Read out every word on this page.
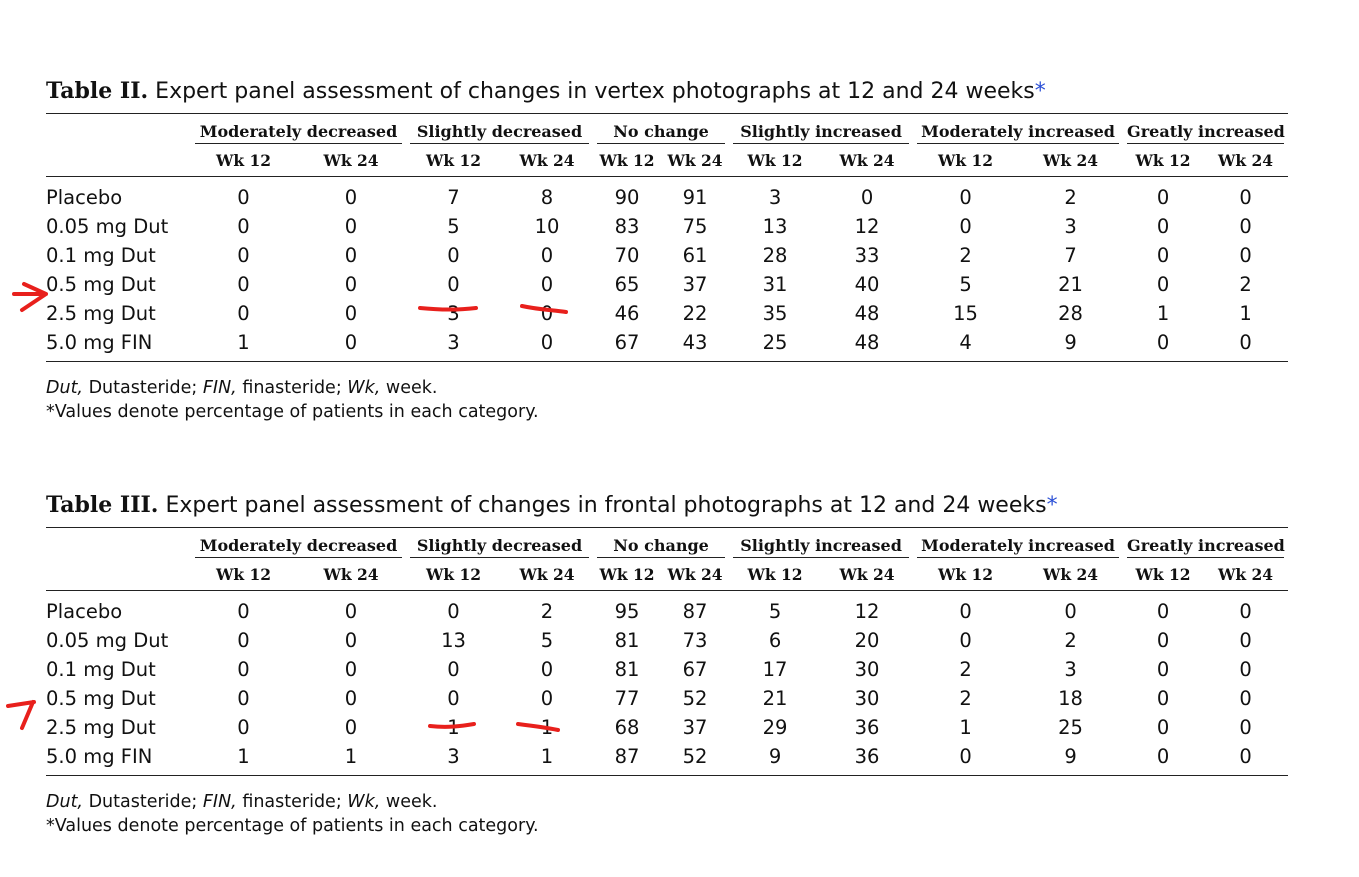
Table II. Expert panel assessment of changes in vertex photographs at 12 and 24 weeks*

	Moderately decreased		Slightly decreased		No change		Slightly increased		Moderately increased		Greatly increased	

	Wk 12	Wk 24	Wk 12	Wk 24	Wk 12	Wk 24	Wk 12	Wk 24	Wk 12	Wk 24	Wk 12	Wk 24
Placebo	0	0	7	8	90	91	3	0	0	2	0	0
0.05 mg Dut	0	0	5	10	83	75	13	12	0	3	0	0
0.1 mg Dut	0	0	0	0	70	61	28	33	2	7	0	0
0.5 mg Dut	0	0	0	0	65	37	31	40	5	21	0	2
2.5 mg Dut	0	0	3	0	46	22	35	48	15	28	1	1
5.0 mg FIN	1	0	3	0	67	43	25	48	4	9	0	0
Dut, Dutasteride; FIN, finasteride; Wk, week.
*Values denote percentage of patients in each category.
Table III. Expert panel assessment of changes in frontal photographs at 12 and 24 weeks*

	Moderately decreased		Slightly decreased		No change		Slightly increased		Moderately increased		Greatly increased	

	Wk 12	Wk 24	Wk 12	Wk 24	Wk 12	Wk 24	Wk 12	Wk 24	Wk 12	Wk 24	Wk 12	Wk 24
Placebo	0	0	0	2	95	87	5	12	0	0	0	0
0.05 mg Dut	0	0	13	5	81	73	6	20	0	2	0	0
0.1 mg Dut	0	0	0	0	81	67	17	30	2	3	0	0
0.5 mg Dut	0	0	0	0	77	52	21	30	2	18	0	0
2.5 mg Dut	0	0	1	1	68	37	29	36	1	25	0	0
5.0 mg FIN	1	1	3	1	87	52	9	36	0	9	0	0
Dut, Dutasteride; FIN, finasteride; Wk, week.
*Values denote percentage of patients in each category.
